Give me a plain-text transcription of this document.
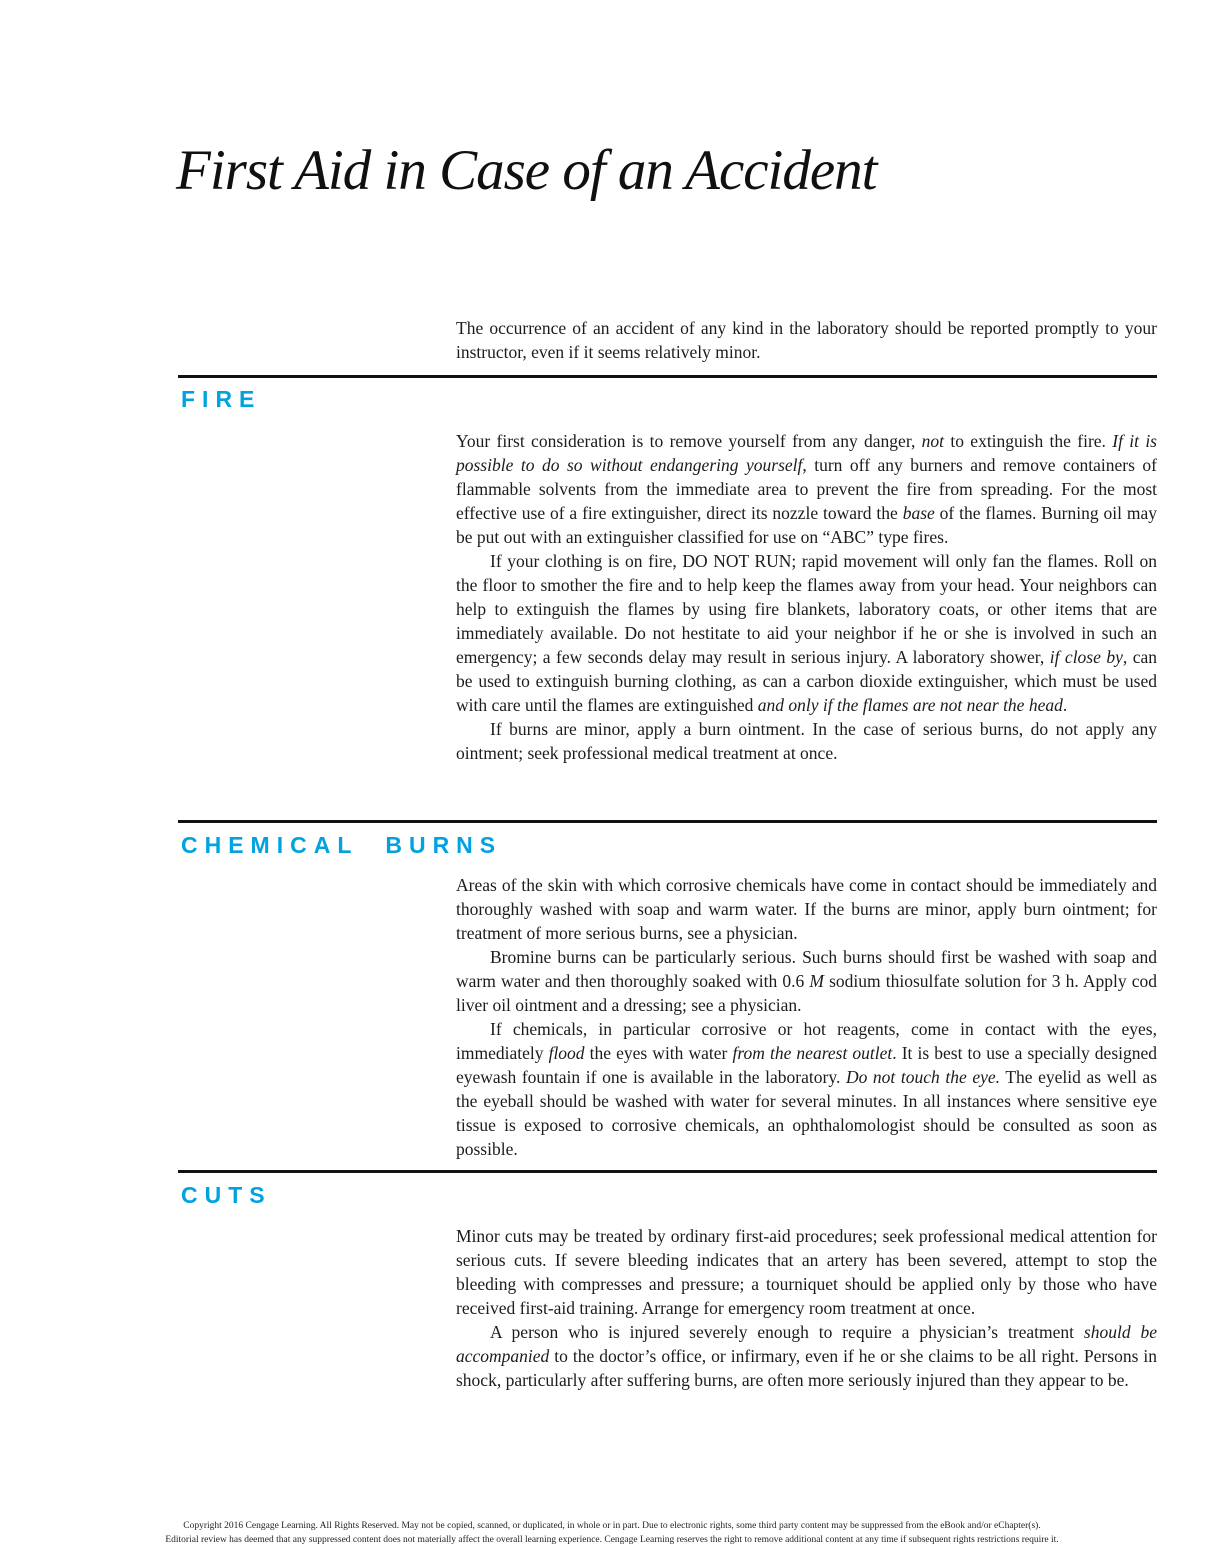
First Aid in Case of an Accident

The occurrence of an accident of any kind in the laboratory should be reported promptly to your instructor, even if it seems relatively minor.

FIRE

Your first consideration is to remove yourself from any danger, not to extinguish the fire. If it is possible to do so without endangering yourself, turn off any burners and remove containers of flammable solvents from the immediate area to prevent the fire from spreading. For the most effective use of a fire extinguisher, direct its nozzle toward the base of the flames. Burning oil may be put out with an extinguisher classified for use on “ABC” type fires.

If your clothing is on fire, DO NOT RUN; rapid movement will only fan the flames. Roll on the floor to smother the fire and to help keep the flames away from your head. Your neighbors can help to extinguish the flames by using fire blankets, laboratory coats, or other items that are immediately available. Do not hestitate to aid your neighbor if he or she is involved in such an emergency; a few seconds delay may result in serious injury. A laboratory shower, if close by, can be used to extinguish burning clothing, as can a carbon dioxide extinguisher, which must be used with care until the flames are extinguished and only if the flames are not near the head.

If burns are minor, apply a burn ointment. In the case of serious burns, do not apply any ointment; seek professional medical treatment at once.

CHEMICAL BURNS

Areas of the skin with which corrosive chemicals have come in contact should be immediately and thoroughly washed with soap and warm water. If the burns are minor, apply burn ointment; for treatment of more serious burns, see a physician.

Bromine burns can be particularly serious. Such burns should first be washed with soap and warm water and then thoroughly soaked with 0.6 M sodium thiosulfate solution for 3 h. Apply cod liver oil ointment and a dressing; see a physician.

If chemicals, in particular corrosive or hot reagents, come in contact with the eyes, immediately flood the eyes with water from the nearest outlet. It is best to use a specially designed eyewash fountain if one is available in the laboratory. Do not touch the eye. The eyelid as well as the eyeball should be washed with water for several minutes. In all instances where sensitive eye tissue is exposed to corrosive chemicals, an ophthalomologist should be consulted as soon as possible.

CUTS

Minor cuts may be treated by ordinary first-aid procedures; seek professional medical attention for serious cuts. If severe bleeding indicates that an artery has been severed, attempt to stop the bleeding with compresses and pressure; a tourniquet should be applied only by those who have received first-aid training. Arrange for emergency room treatment at once.

A person who is injured severely enough to require a physician’s treatment should be accompanied to the doctor’s office, or infirmary, even if he or she claims to be all right. Persons in shock, particularly after suffering burns, are often more seriously injured than they appear to be.

Copyright 2016 Cengage Learning. All Rights Reserved. May not be copied, scanned, or duplicated, in whole or in part. Due to electronic rights, some third party content may be suppressed from the eBook and/or eChapter(s).

Editorial review has deemed that any suppressed content does not materially affect the overall learning experience. Cengage Learning reserves the right to remove additional content at any time if subsequent rights restrictions require it.
